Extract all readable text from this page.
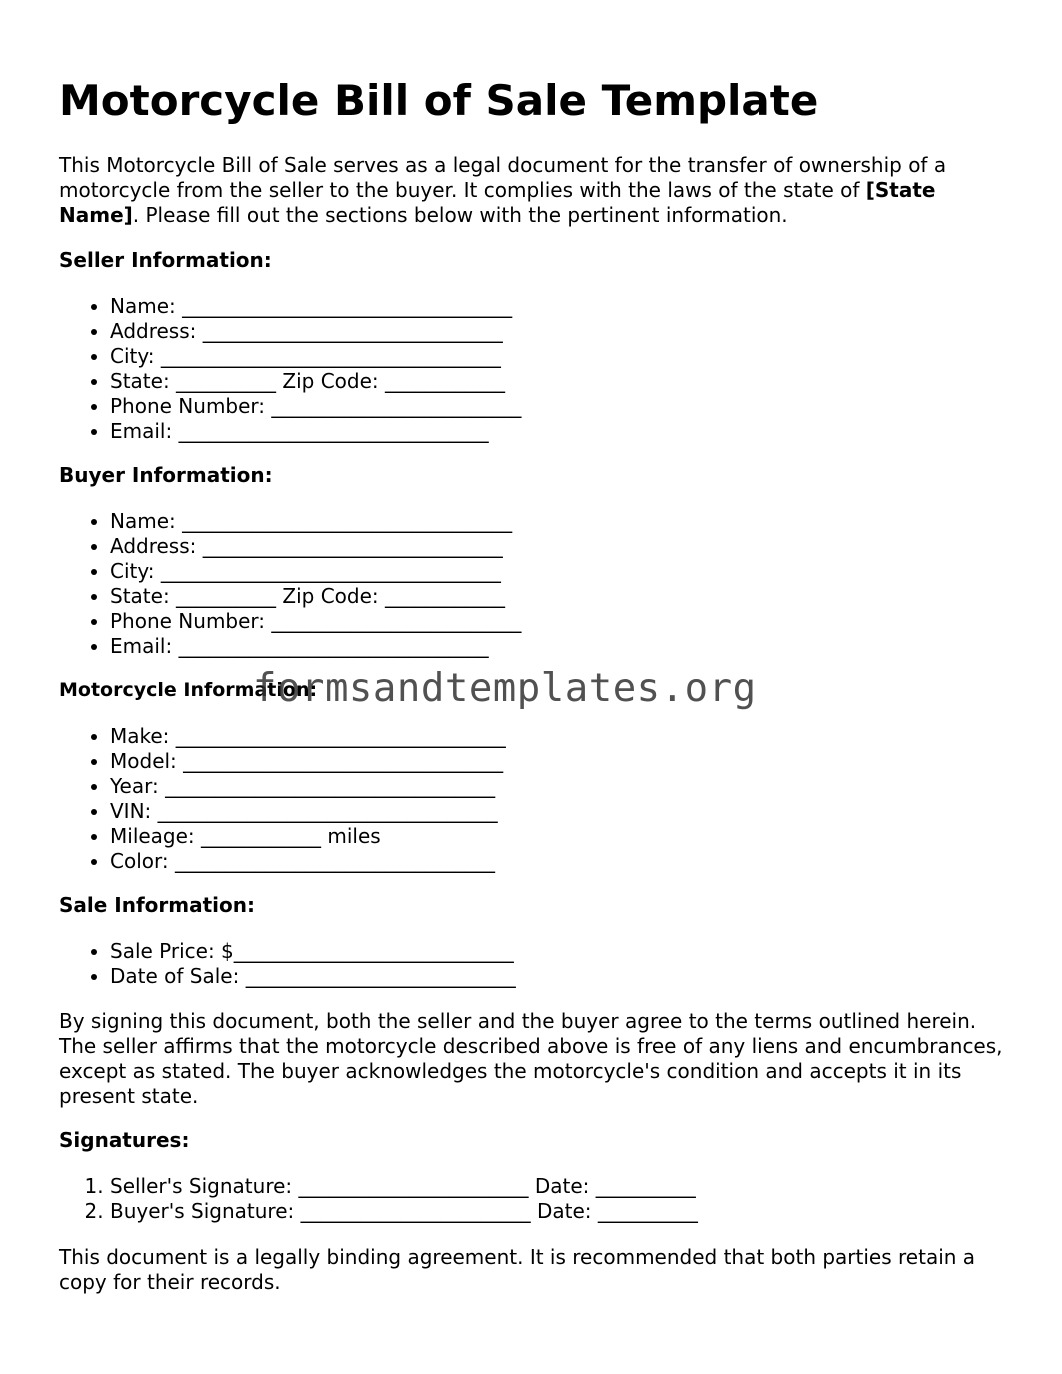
Motorcycle Bill of Sale Template

This Motorcycle Bill of Sale serves as a legal document for the transfer of ownership of a motorcycle from the seller to the buyer. It complies with the laws of the state of [State Name]. Please fill out the sections below with the pertinent information.

Seller Information:
• Name: _________________________________
• Address: ______________________________
• City: __________________________________
• State: __________ Zip Code: ____________
• Phone Number: _________________________
• Email: _______________________________
Buyer Information:
• Name: _________________________________
• Address: ______________________________
• City: __________________________________
• State: __________ Zip Code: ____________
• Phone Number: _________________________
• Email: _______________________________
Motorcycle Information:
• Make: _________________________________
• Model: ________________________________
• Year: _________________________________
• VIN: __________________________________
• Mileage: ____________ miles
• Color: ________________________________
Sale Information:
• Sale Price: $____________________________
• Date of Sale: ___________________________

By signing this document, both the seller and the buyer agree to the terms outlined herein. The seller affirms that the motorcycle described above is free of any liens and encumbrances, except as stated. The buyer acknowledges the motorcycle's condition and accepts it in its present state.

Signatures:
1. Seller's Signature: _______________________ Date: __________
2. Buyer's Signature: _______________________ Date: __________

This document is a legally binding agreement. It is recommended that both parties retain a copy for their records.

formsandtemplates.org
